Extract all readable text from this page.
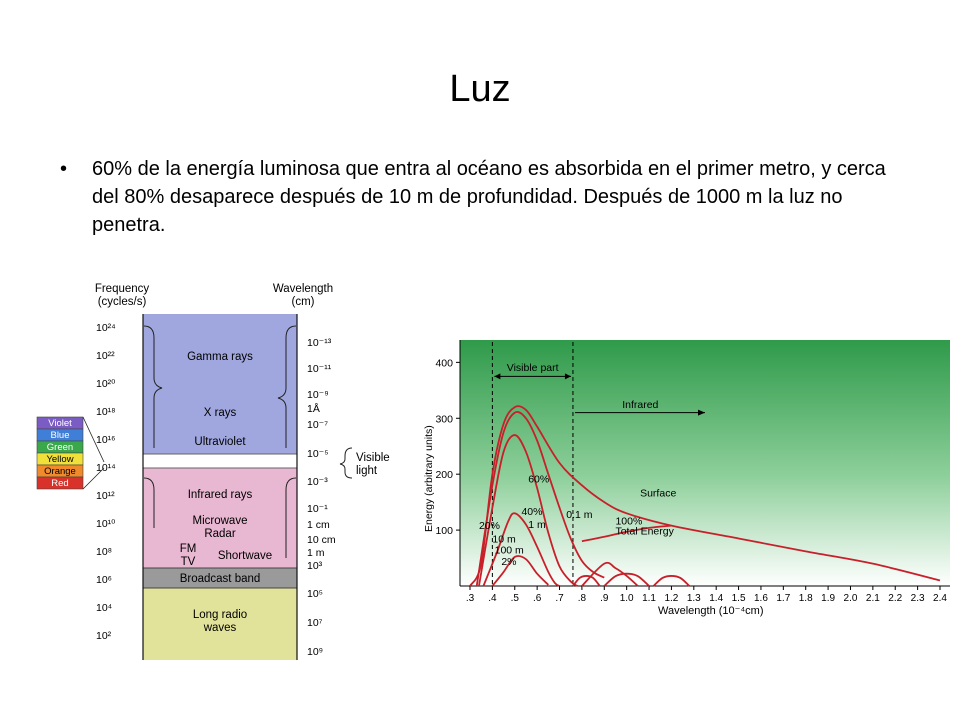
Luz
• 60% de la energía luminosa que entra al océano es absorbida en el primer metro, y cerca del 80% desaparece después de 10 m de profundidad. Después de 1000 m la luz no penetra.
Frequency
(cycles/s)
Wavelength
(cm)
10²⁴
10²²
10²⁰
10¹⁸
10¹⁶
10¹⁴
10¹²
10¹⁰
10⁸
10⁶
10⁴
10²
10⁻¹³
10⁻¹¹
10⁻⁹
1Å
10⁻⁷
10⁻⁵
10⁻³
10⁻¹
1 cm
10 cm
1 m
10³
10⁵
10⁷
10⁹
Gamma rays
X rays
Ultraviolet
Infrared rays
Microwave
Radar
FM
TV Shortwave
Broadcast band
Long radio
waves
Visible
light
Violet
Blue
Green
Yellow
Orange
Red
100
200
300
400
.3 .4 .5 .6 .7 .8 .9 1.0 1.1 1.2 1.3 1.4 1.5 1.6 1.7 1.8 1.9 2.0 2.1 2.2 2.3 2.4
Visible part
Infrared
Surface
100%
Total Energy
60%
40%
1 m
20%
10 m
100 m
2%
0.1 m
Energy (arbitrary units)
Wavelength (10⁻⁴cm)
